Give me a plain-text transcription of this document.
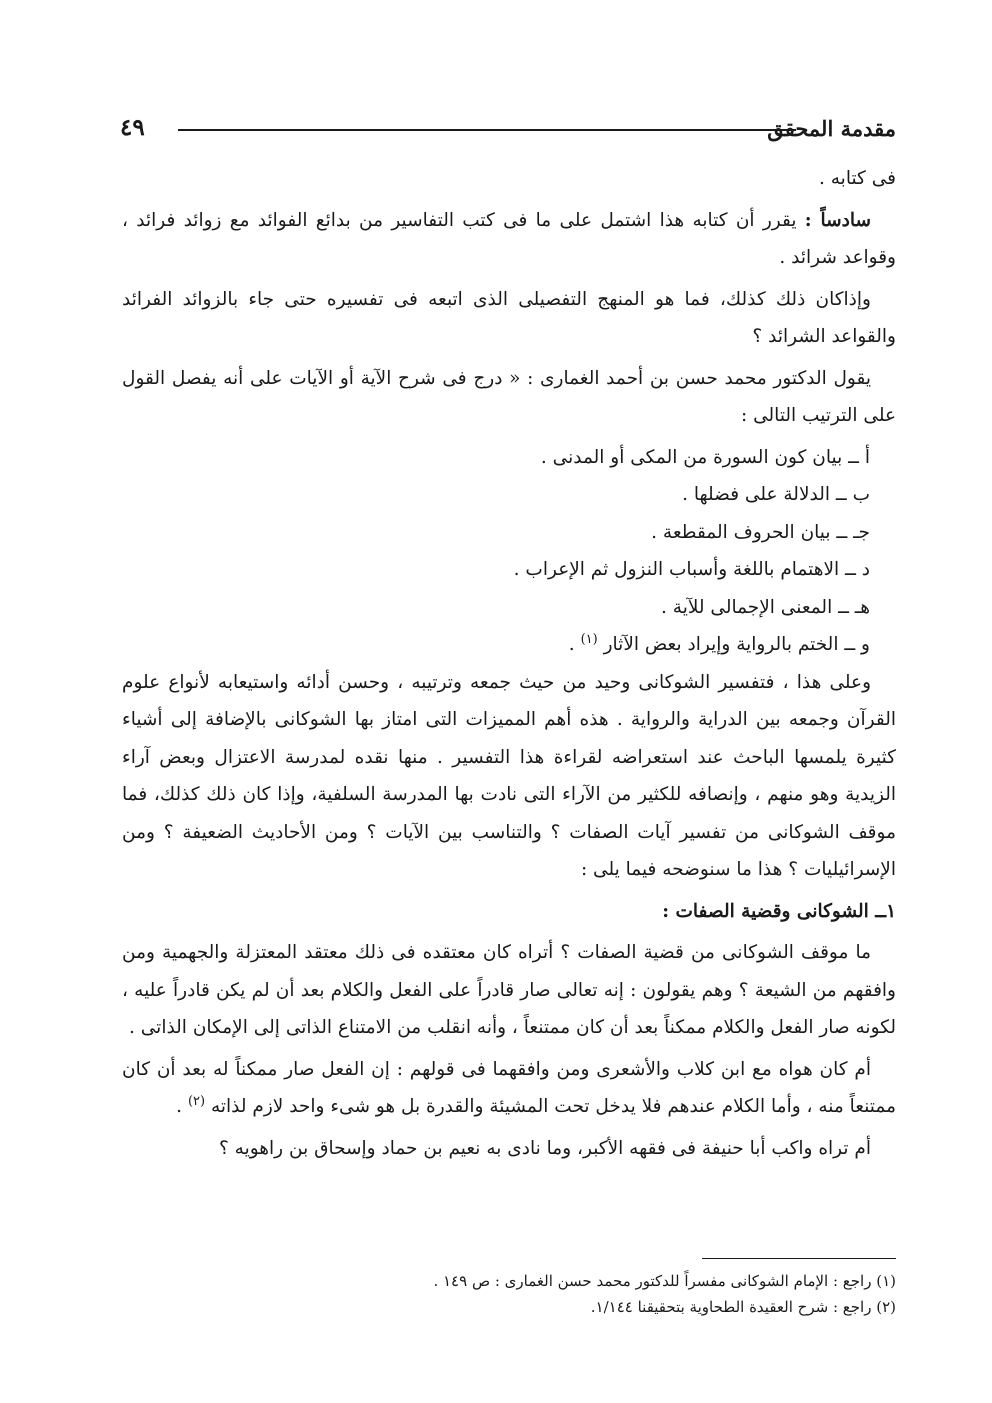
مقدمة المحقق
٤٩

فى كتابه .

سادساً : يقرر أن كتابه هذا اشتمل على ما فى كتب التفاسير من بدائع الفوائد مع زوائد فرائد ، وقواعد شرائد .

وإذاكان ذلك كذلك، فما هو المنهج التفصيلى الذى اتبعه فى تفسيره حتى جاء بالزوائد الفرائد والقواعد الشرائد ؟

يقول الدكتور محمد حسن بن أحمد الغمارى : « درج فى شرح الآية أو الآيات على أنه يفصل القول على الترتيب التالى :

أ ــ بيان كون السورة من المكى أو المدنى .
ب ــ الدلالة على فضلها .
جـ ــ بيان الحروف المقطعة .
د ــ الاهتمام باللغة وأسباب النزول ثم الإعراب .
هـ ــ المعنى الإجمالى للآية .
و ــ الختم بالرواية وإيراد بعض الآثار $^{(١)}$ .

وعلى هذا ، فتفسير الشوكانى وحيد من حيث جمعه وترتيبه ، وحسن أدائه واستيعابه لأنواع علوم القرآن وجمعه بين الدراية والرواية . هذه أهم المميزات التى امتاز بها الشوكانى بالإضافة إلى أشياء كثيرة يلمسها الباحث عند استعراضه لقراءة هذا التفسير . منها نقده لمدرسة الاعتزال وبعض آراء الزيدية وهو منهم ، وإنصافه للكثير من الآراء التى نادت بها المدرسة السلفية، وإذا كان ذلك كذلك، فما موقف الشوكانى من تفسير آيات الصفات ؟ والتناسب بين الآيات ؟ ومن الأحاديث الضعيفة ؟ ومن الإسرائيليات ؟ هذا ما سنوضحه فيما يلى :

١ــ الشوكانى وقضية الصفات :

ما موقف الشوكانى من قضية الصفات ؟ أتراه كان معتقده فى ذلك معتقد المعتزلة والجهمية ومن وافقهم من الشيعة ؟ وهم يقولون : إنه تعالى صار قادراً على الفعل والكلام بعد أن لم يكن قادراً عليه ، لكونه صار الفعل والكلام ممكناً بعد أن كان ممتنعاً ، وأنه انقلب من الامتناع الذاتى إلى الإمكان الذاتى .

أم كان هواه مع ابن كلاب والأشعرى ومن وافقهما فى قولهم : إن الفعل صار ممكناً له بعد أن كان ممتنعاً منه ، وأما الكلام عندهم فلا يدخل تحت المشيئة والقدرة بل هو شىء واحد لازم لذاته $^{(٢)}$ .

أم تراه واكب أبا حنيفة فى فقهه الأكبر، وما نادى به نعيم بن حماد وإسحاق بن راهويه ؟

(١) راجع : الإمام الشوكانى مفسراً للدكتور محمد حسن الغمارى : ص ١٤٩ .
(٢) راجع : شرح العقيدة الطحاوية بتحقيقنا ١/١٤٤.
